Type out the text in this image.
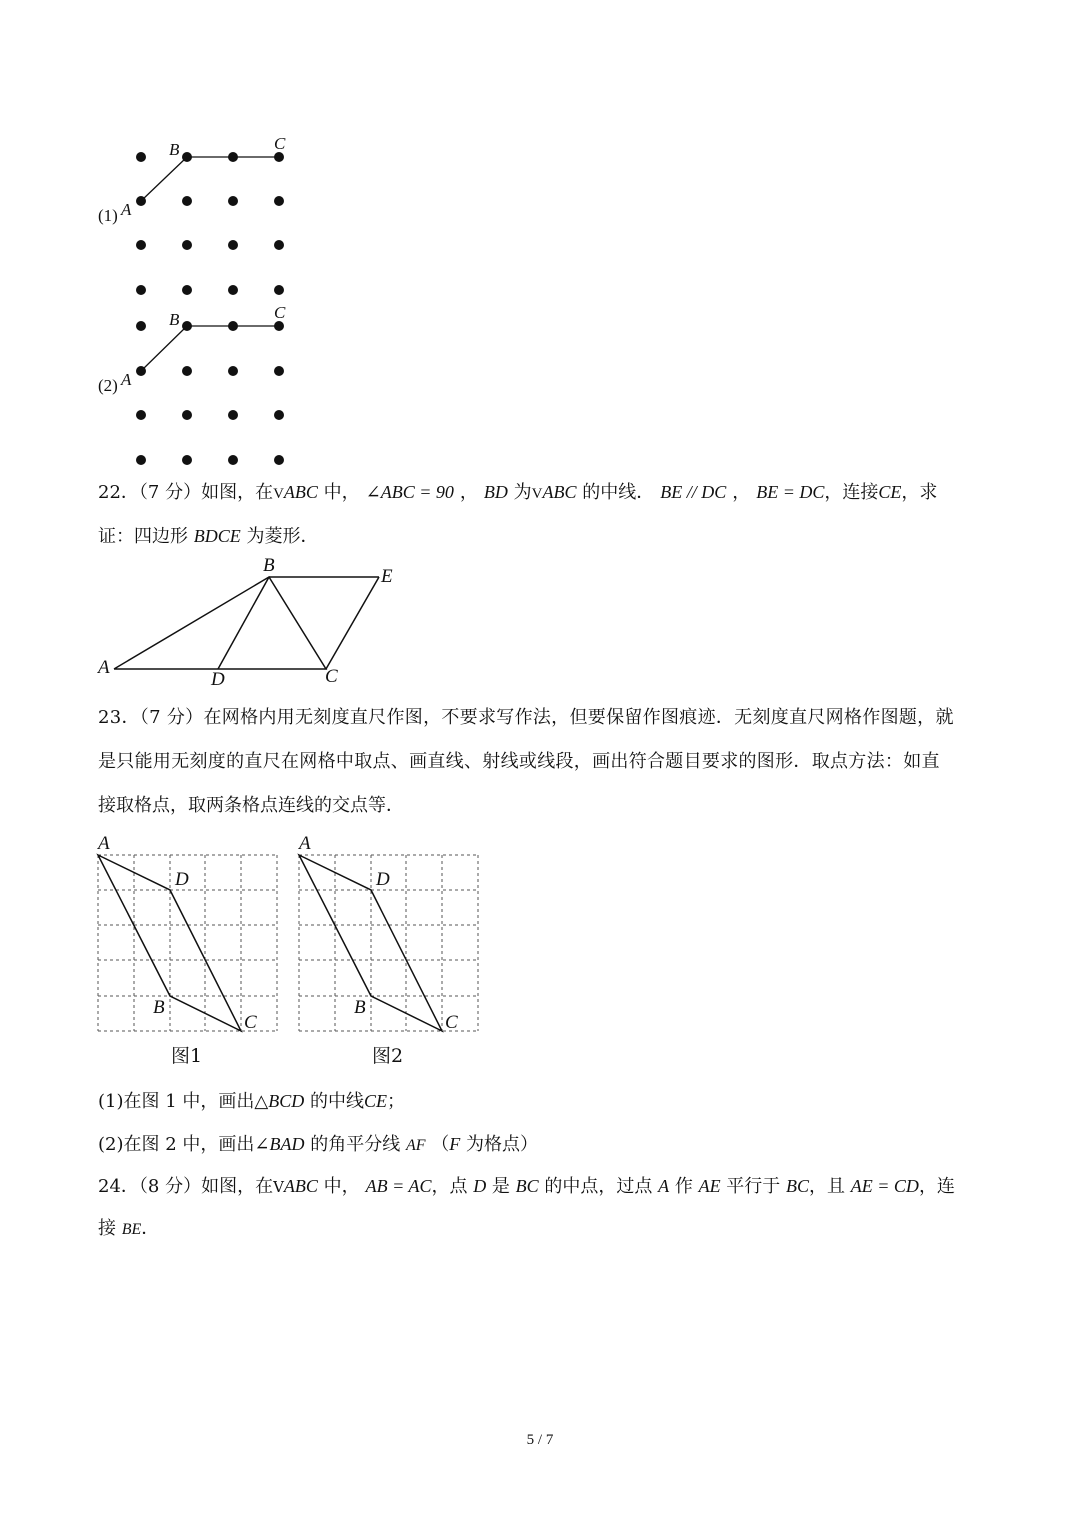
(1) A
B	C
(2) A
B	C
22．（7 分）如图，在VABC 中， ∠ABC = 90 ， BD 为VABC 的中线． BE // DC ， BE = DC，连接CE，求
证：四边形 BDCE 为菱形．
A
B
E
D	C
23．（7 分）在网格内用无刻度直尺作图，不要求写作法，但要保留作图痕迹．无刻度直尺网格作图题，就
是只能用无刻度的直尺在网格中取点、画直线、射线或线段，画出符合题目要求的图形．取点方法：如直
接取格点，取两条格点连线的交点等．
A
D
B
C
图1
A
D
B
C
图2
(1)在图 1 中，画出△BCD 的中线CE；
(2)在图 2 中，画出∠BAD 的角平分线 AF （F 为格点）
24．（8 分）如图，在VABC 中， AB = AC，点 D 是 BC 的中点，过点 A 作 AE 平行于 BC，且 AE = CD，连
接 BE．
5 / 7
